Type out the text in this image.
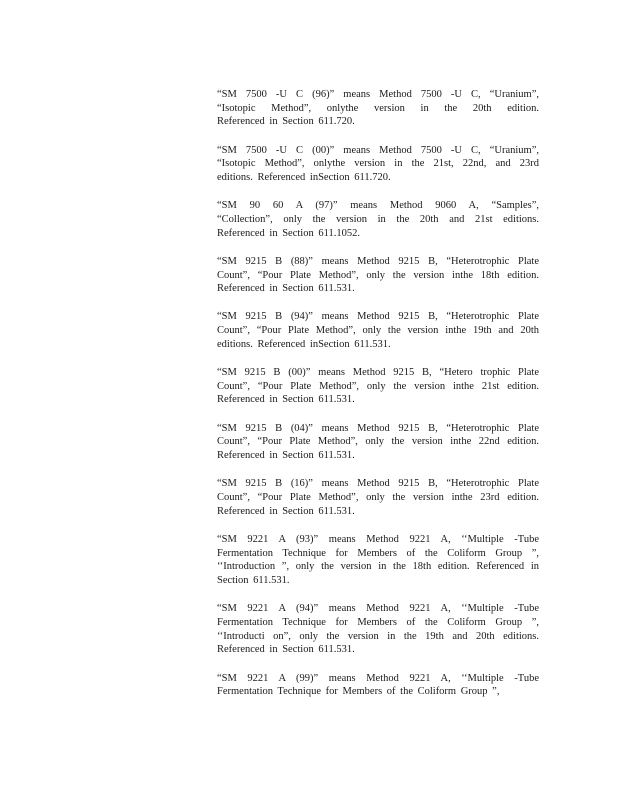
“SM 7500 -U C (96)” means Method 7500 -U C, “Uranium”,
“Isotopic Method”, onlythe version in the 20th edition.
Referenced in Section 611.720.
“SM 7500 -U C (00)” means Method 7500 -U C, “Uranium”,
“Isotopic Method”, onlythe version in the 21st, 22nd, and 23rd
editions. Referenced inSection 611.720.
“SM 90 60 A (97)” means Method 9060 A, “Samples”,
“Collection”, only the version in the 20th and 21st editions.
Referenced in Section 611.1052.
“SM 9215 B (88)” means Method 9215 B, “Heterotrophic Plate
Count”, “Pour Plate Method”, only the version inthe 18th edition.
Referenced in Section 611.531.
“SM 9215 B (94)” means Method 9215 B, “Heterotrophic Plate
Count”, “Pour Plate Method”, only the version inthe 19th and 20th
editions. Referenced inSection 611.531.
“SM 9215 B (00)” means Method 9215 B, “Hetero trophic Plate
Count”, “Pour Plate Method”, only the version inthe 21st edition.
Referenced in Section 611.531.
“SM 9215 B (04)” means Method 9215 B, “Heterotrophic Plate
Count”, “Pour Plate Method”, only the version inthe 22nd edition.
Referenced in Section 611.531.
“SM 9215 B (16)” means Method 9215 B, “Heterotrophic Plate
Count”, “Pour Plate Method”, only the version inthe 23rd edition.
Referenced in Section 611.531.
“SM 9221 A (93)” means Method 9221 A, ‘‘Multiple -Tube
Fermentation Technique for Members of the Coliform Group ”,
‘‘Introduction ”, only the version in the 18th edition. Referenced in
Section 611.531.
“SM 9221 A (94)” means Method 9221 A, ‘‘Multiple -Tube
Fermentation Technique for Members of the Coliform Group ”,
‘‘Introducti on”, only the version in the 19th and 20th editions.
Referenced in Section 611.531.
“SM 9221 A (99)” means Method 9221 A, ‘‘Multiple -Tube
Fermentation Technique for Members of the Coliform Group ”,
